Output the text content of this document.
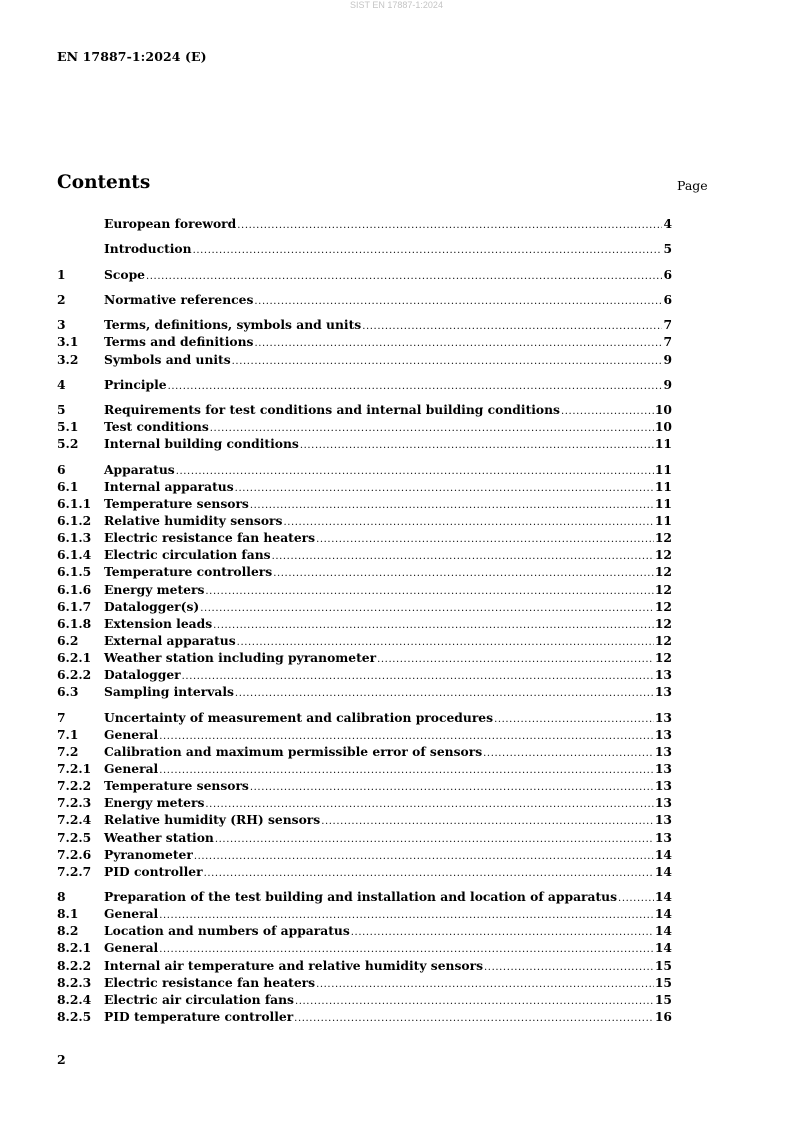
SIST EN 17887-1:2024
EN 17887-1:2024 (E)
Contents	Page
European foreword .....	4
Introduction .....	5
1	Scope .....	6
2	Normative references .....	6
3	Terms, definitions, symbols and units .....	7
3.1	Terms and definitions .....	7
3.2	Symbols and units .....	9
4	Principle .....	9
5	Requirements for test conditions and internal building conditions .....	10
5.1	Test conditions .....	10
5.2	Internal building conditions .....	11
6	Apparatus .....	11
6.1	Internal apparatus .....	11
6.1.1	Temperature sensors .....	11
6.1.2	Relative humidity sensors .....	11
6.1.3	Electric resistance fan heaters .....	12
6.1.4	Electric circulation fans .....	12
6.1.5	Temperature controllers .....	12
6.1.6	Energy meters .....	12
6.1.7	Datalogger(s) .....	12
6.1.8	Extension leads .....	12
6.2	External apparatus .....	12
6.2.1	Weather station including pyranometer .....	12
6.2.2	Datalogger .....	13
6.3	Sampling intervals .....	13
7	Uncertainty of measurement and calibration procedures .....	13
7.1	General .....	13
7.2	Calibration and maximum permissible error of sensors .....	13
7.2.1	General .....	13
7.2.2	Temperature sensors .....	13
7.2.3	Energy meters .....	13
7.2.4	Relative humidity (RH) sensors .....	13
7.2.5	Weather station .....	13
7.2.6	Pyranometer .....	14
7.2.7	PID controller .....	14
8	Preparation of the test building and installation and location of apparatus .....	14
8.1	General .....	14
8.2	Location and numbers of apparatus .....	14
8.2.1	General .....	14
8.2.2	Internal air temperature and relative humidity sensors .....	15
8.2.3	Electric resistance fan heaters .....	15
8.2.4	Electric air circulation fans .....	15
8.2.5	PID temperature controller .....	16
2
